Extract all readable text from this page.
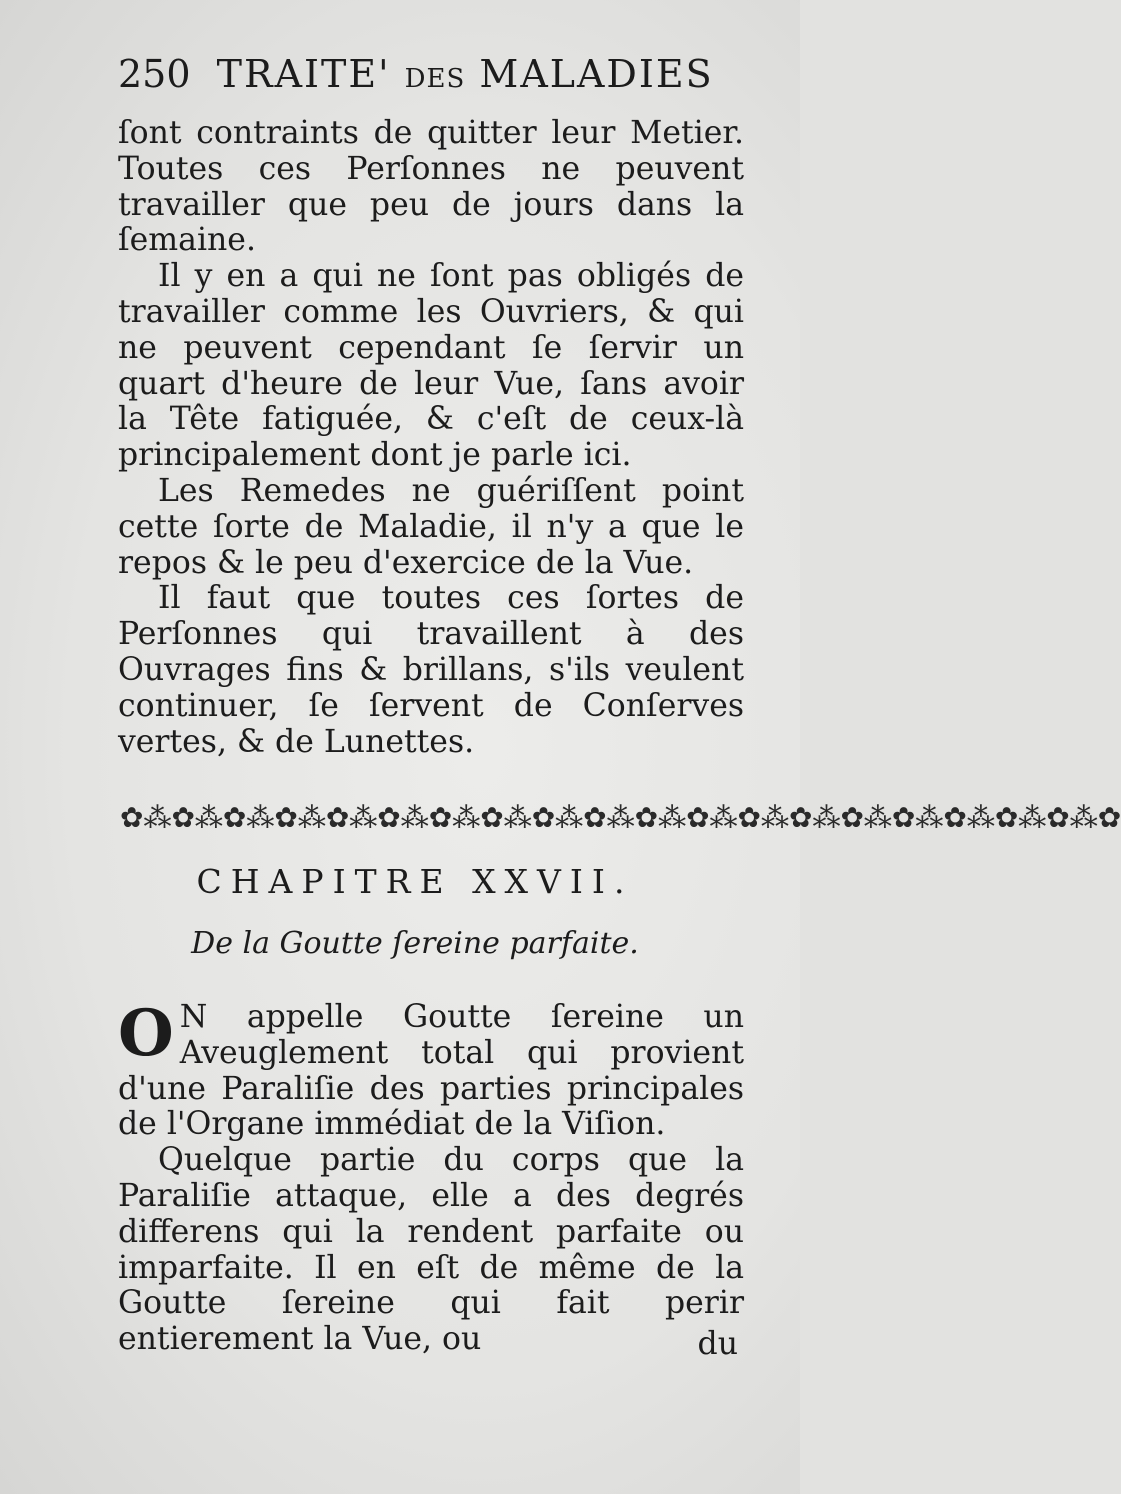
250 TRAITE' DES MALADIES

ſont contraints de quitter leur Metier. Toutes ces Perſonnes ne peuvent travailler que peu de jours dans la ſemaine.

Il y en a qui ne ſont pas obligés de travailler comme les Ouvriers, & qui ne peuvent cependant ſe ſervir un quart d'heure de leur Vue, ſans avoir la Tête fatiguée, & c'eſt de ceux-là principalement dont je parle ici.

Les Remedes ne guériſſent point cette ſorte de Maladie, il n'y a que le repos & le peu d'exercice de la Vue.

Il faut que toutes ces ſortes de Perſonnes qui travaillent à des Ouvrages fins & brillans, s'ils veulent continuer, ſe ſervent de Conſerves vertes, & de Lunettes.

✿⁂✿⁂✿⁂✿⁂✿⁂✿⁂✿⁂✿⁂✿⁂✿⁂✿⁂✿⁂✿⁂✿⁂✿⁂✿⁂✿⁂✿⁂✿⁂✿
CHAPITRE XXVII.
De la Goutte ſereine parfaite.

O N appelle Goutte ſereine un Aveuglement total qui provient d'une Paraliſie des parties principales de l'Organe immédiat de la Viſion.

Quelque partie du corps que la Paraliſie attaque, elle a des degrés differens qui la rendent parfaite ou imparfaite. Il en eſt de même de la Goutte ſereine qui fait perir entierement la Vue, ou	du
